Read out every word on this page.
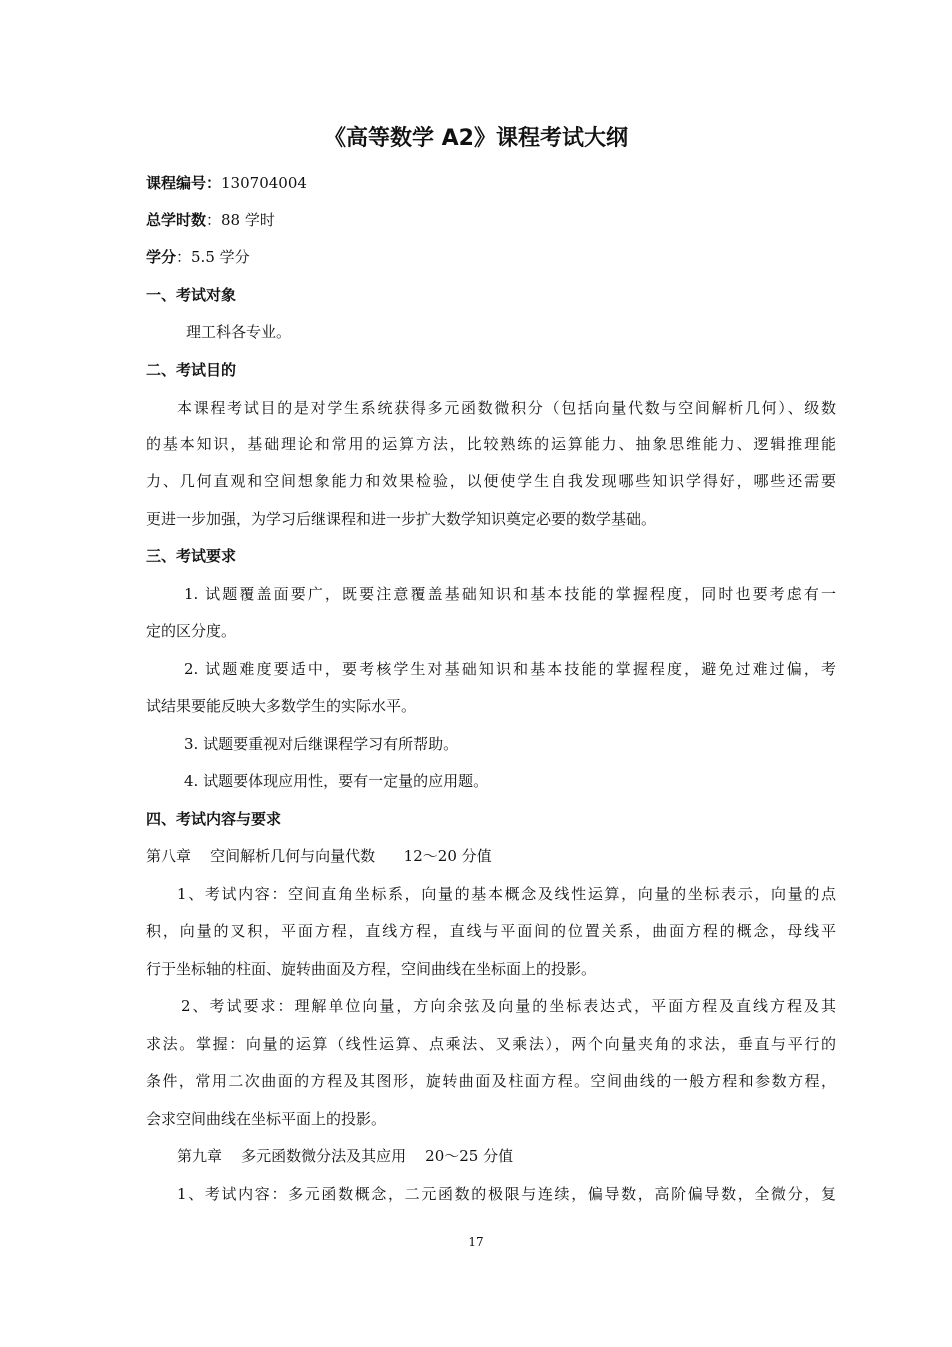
《高等数学 A2》课程考试大纲

课程编号：130704004

总学时数：88 学时

学分：5.5 学分

一、考试对象

理工科各专业。

二、考试目的

本课程考试目的是对学生系统获得多元函数微积分（包括向量代数与空间解析几何）、级数

的基本知识，基础理论和常用的运算方法，比较熟练的运算能力、抽象思维能力、逻辑推理能

力、几何直观和空间想象能力和效果检验，以便使学生自我发现哪些知识学得好，哪些还需要

更进一步加强，为学习后继课程和进一步扩大数学知识奠定必要的数学基础。

三、考试要求

1. 试题覆盖面要广，既要注意覆盖基础知识和基本技能的掌握程度，同时也要考虑有一

定的区分度。

2. 试题难度要适中，要考核学生对基础知识和基本技能的掌握程度，避免过难过偏，考

试结果要能反映大多数学生的实际水平。

3. 试题要重视对后继课程学习有所帮助。

4. 试题要体现应用性，要有一定量的应用题。

四、考试内容与要求

第八章    空间解析几何与向量代数      12～20 分值

1、考试内容：空间直角坐标系，向量的基本概念及线性运算，向量的坐标表示，向量的点

积，向量的叉积，平面方程，直线方程，直线与平面间的位置关系，曲面方程的概念，母线平

行于坐标轴的柱面、旋转曲面及方程，空间曲线在坐标面上的投影。

2、考试要求：理解单位向量，方向余弦及向量的坐标表达式，平面方程及直线方程及其

求法。掌握：向量的运算（线性运算、点乘法、叉乘法），两个向量夹角的求法，垂直与平行的

条件，常用二次曲面的方程及其图形，旋转曲面及柱面方程。空间曲线的一般方程和参数方程，

会求空间曲线在坐标平面上的投影。

第九章    多元函数微分法及其应用    20～25 分值

1、考试内容：多元函数概念，二元函数的极限与连续，偏导数，高阶偏导数，全微分，复

17
